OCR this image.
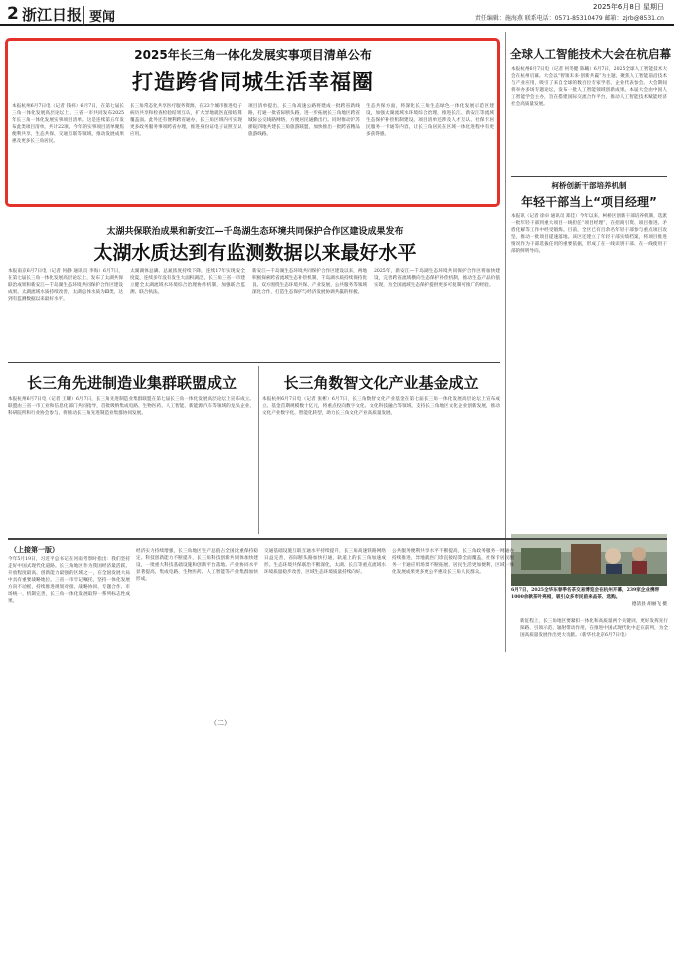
2 浙江日报 要闻
2025年6月8日 星期日
责任编辑：施海燕 联系电话：0571-85310479 邮箱：zjrb@8531.cn
2025年长三角一体化发展实事项目清单公布
打造跨省同城生活幸福圈
本报杭州6月7日电（记者 钱祎）6月7日，在第七届长三角一体化发展高层论坛上，三省一市共同发布2025年长三角一体化发展实事项目清单。这是连续第五年发布此类项目清单，共计22项。今年的实事项目清单聚焦便利共享、生态共保、交通互联等领域，推动发展成果惠及更多长三角居民。
长三角常态化共享医疗服务资源，在23个城市推进电子病历共享和检查检验结果互认，扩大异地就医直接结算覆盖面。此外还有便利跨省通办，长三角区域内可实现更多政务服务事项跨省办理，推进身份证电子证照互认应用。
项目清单提出，长三角高速公路将建成一批跨省新线路，打通一批省际断头路，进一步拓展长三角地区跨省城际公交线路网络，方便居民通勤出行。同时推动沪苏浙皖四地共建长三角旅游联盟，加快推出一批跨省精品旅游线路。
生态共保方面，将深化长三角生态绿色一体化发展示范区建设，加强太湖流域水环境综合治理，推进长江、新安江等流域生态保护补偿机制建设。项目清单还涉及人才互认、社保卡居民服务一卡通等内容，让长三角居民在区域一体化进程中有更多获得感。
全球人工智能技术大会在杭启幕
本报杭州6月7日电（记者 何冬健 陈曦）6月7日，2025全球人工智能技术大会在杭州启幕。大会以“智领未来·创新共赢”为主题，聚焦人工智能前沿技术与产业应用，吸引了来自全球的数百位专家学者、企业代表参会。大会期间将举办多场专题论坛，发布一批人工智能领域创新成果。本届大会由中国人工智能学会主办，旨在搭建国际交流合作平台，推动人工智能技术赋能经济社会高质量发展。
柯桥创新干部培养机制
年轻干部当上“项目经理”
本报讯（记者 徐卓 通讯员 郑佳）今年以来，柯桥区创新干部培养机制，选派一批年轻干部到重大项目一线担任“项目经理”，在招商引资、项目推进、矛盾化解等工作中经受锻炼。目前，全区已有百余名年轻干部参与重点项目攻坚，推动一批项目提速落地。该区还建立了年轻干部实绩档案，将项目推进情况作为干部选拔任用的重要依据，形成了在一线识别干部、在一线使用干部的鲜明导向。
6月7日，2025全华东春季名茶交易博览会在杭州开幕，239家企业携带1000余款茶叶亮相，吸引众多市民前来品茶、选购。
德清县 胡丽飞 摄
太湖共保联治成果和新安江—千岛湖生态环境共同保护合作区建设成果发布
太湖水质达到有监测数据以来最好水平
本报南京6月7日电（记者 何静 通讯员 李海）6月7日，在第七届长三角一体化发展高层论坛上，发布了太湖共保联治成果和新安江—千岛湖生态环境共同保护合作区建设成果。太湖流域水质持续改善，太湖总体水质为Ⅲ类，达到有监测数据以来最好水平。
太湖湖体总磷、总氮浓度持续下降，连续17年实现安全度夏，连续多年没有发生大面积湖泛。长三角三省一市建立健全太湖流域水环境综合治理协作机制，加强联合监测、联合执法。
新安江—千岛湖生态环境共同保护合作区建设以来，两地积极探索跨省流域生态补偿机制，千岛湖水质持续保持优良。双方围绕生态环境共保、产业发展、公共服务等领域深化合作，打造生态保护与经济发展协调共赢的样板。
2025年，新安江—千岛湖生态环境共同保护合作区将加快建设，完善跨省流域横向生态保护补偿机制，推动生态产品价值实现，为全国流域生态保护提供更多可复制可推广的经验。
长三角先进制造业集群联盟成立
本报杭州6月7日电（记者 王耀）6月7日，长三角先进制造业集群联盟在第七届长三角一体化发展高层论坛上宣布成立。联盟由三省一市工业和信息化部门共同指导，首批吸纳集成电路、生物医药、人工智能、新能源汽车等领域的龙头企业、科研院所和行业协会参与，将推动长三角先进制造业集群协同发展。
长三角数智文化产业基金成立
本报杭州6月7日电（记者 张彬）6月7日，长三角数智文化产业基金在第七届长三角一体化发展高层论坛上宣布成立。基金首期规模数十亿元，将重点投向数字文化、文化科技融合等领域，支持长三角地区文化企业创新发展，推动文化产业数字化、智能化转型，助力长三角文化产业高质量发展。
（上接第一版）
今年5月19日，习近平总书记在河南考察时指出：我们坚持走好中国式现代化道路。长三角地区作为我国经济最活跃、开放程度最高、创新能力最强的区域之一，在全国发展大局中具有重要战略地位。三省一市牢记嘱托，坚持一体化发展方向不动摇，持续推进规划对接、战略协同、专题合作、市场统一、机制完善，长三角一体化发展取得一系列标志性成果。
经济实力持续增强，长三角地区生产总值占全国比重保持稳定。科技创新能力不断提升，长三角科技创新共同体加快建设，一批重大科技基础设施和创新平台落地。产业协同水平显著提高，集成电路、生物医药、人工智能等产业集群加快形成。
（二）
交通基础设施互联互通水平持续提升，长三角高速铁路网络日益完善，省际断头路加快打通，轨道上的长三角加速成形。生态环境共保联治不断深化，太湖、长江等重点流域水环境质量稳步改善，区域生态环境质量持续向好。
公共服务便利共享水平不断提高，长三角政务服务一网通办持续推进，异地就医门诊直接结算全面覆盖，社保卡居民服务一卡通应用场景不断拓展，居民生活更加便利，区域一体化发展成果更多更公平惠及长三角人民群众。
新征程上，长三角地区要紧扣一体化和高质量两个关键词，更好发挥先行探路、引领示范、辐射带动作用，在推进中国式现代化中走在前列，为全国高质量发展作出更大贡献。（新华社北京6月7日电）
